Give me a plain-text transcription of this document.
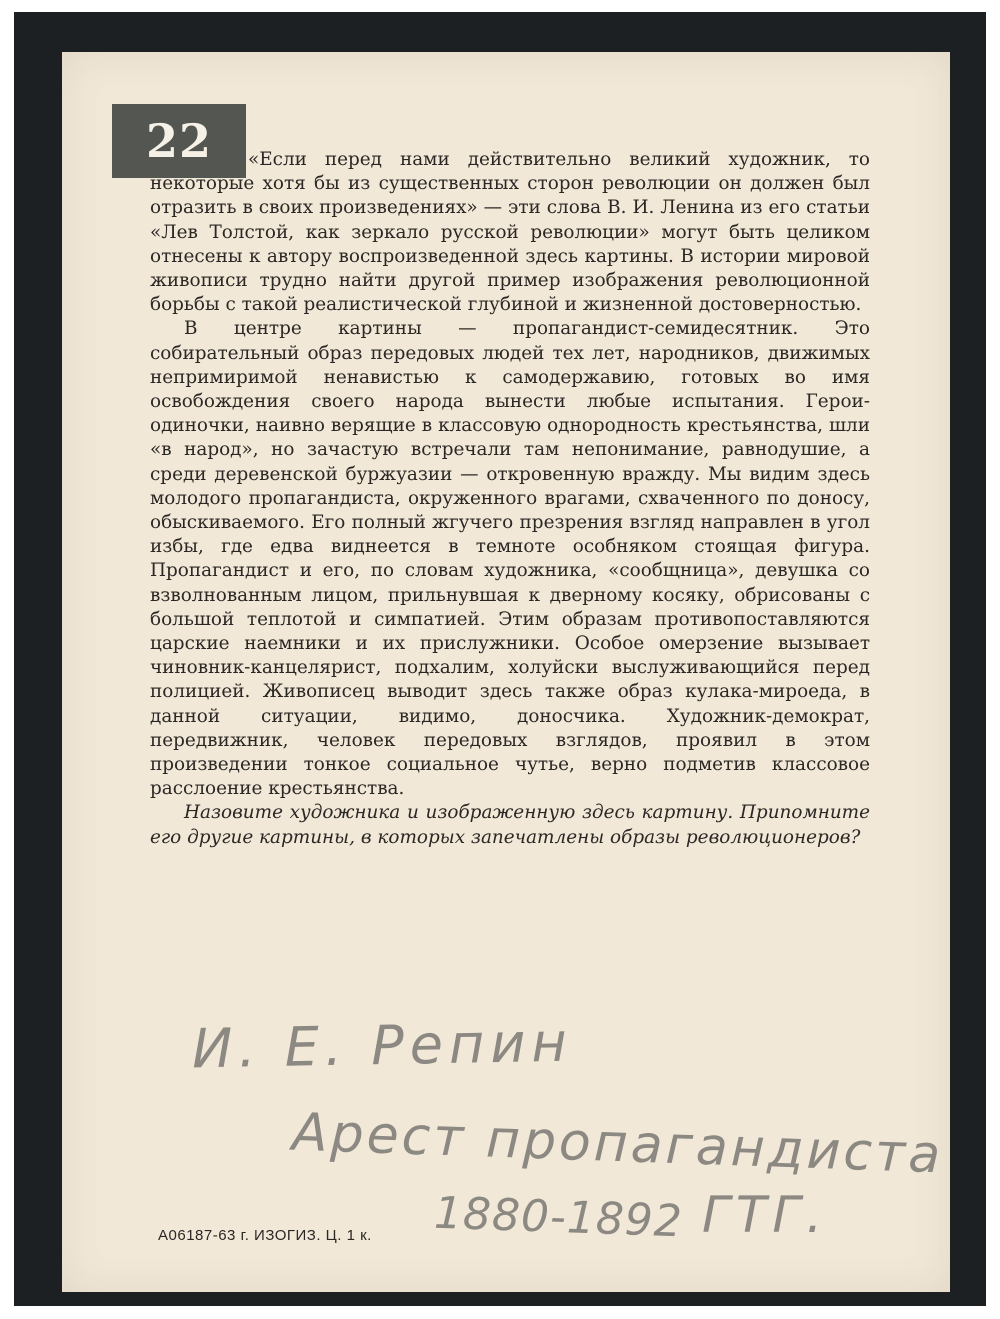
22	«Если перед нами действительно великий художник, то некоторые хотя бы из существенных сторон революции он должен был отразить в своих произведениях» — эти слова В. И. Ленина из его статьи «Лев Толстой, как зеркало русской революции» могут быть целиком отнесены к автору воспроизведенной здесь картины. В истории мировой живописи трудно найти другой пример изображения революционной борьбы с такой реалистической глубиной и жизненной достоверностью.

В центре картины — пропагандист-семидесятник. Это собирательный образ передовых людей тех лет, народников, движимых непримиримой ненавистью к самодержавию, готовых во имя освобождения своего народа вынести любые испытания. Герои-одиночки, наивно верящие в классовую однородность крестьянства, шли «в народ», но зачастую встречали там непонимание, равнодушие, а среди деревенской буржуазии — откровенную вражду. Мы видим здесь молодого пропагандиста, окруженного врагами, схваченного по доносу, обыскиваемого. Его полный жгучего презрения взгляд направлен в угол избы, где едва виднеется в темноте особняком стоящая фигура. Пропагандист и его, по словам художника, «сообщница», девушка со взволнованным лицом, прильнувшая к дверному косяку, обрисованы с большой теплотой и симпатией. Этим образам противопоставляются царские наемники и их прислужники. Особое омерзение вызывает чиновник-канцелярист, подхалим, холуйски выслуживающийся перед полицией. Живописец выводит здесь также образ кулака-мироеда, в данной ситуации, видимо, доносчика. Художник-демократ, передвижник, человек передовых взглядов, проявил в этом произведении тонкое социальное чутье, верно подметив классовое расслоение крестьянства.

Назовите художника и изображенную здесь картину. Припомните его другие картины, в которых запечатлены образы революционеров?

И. Е. Репин
Арест пропагандиста
1880-1892 ГТГ.
А06187-63 г. ИЗОГИЗ. Ц. 1 к.
